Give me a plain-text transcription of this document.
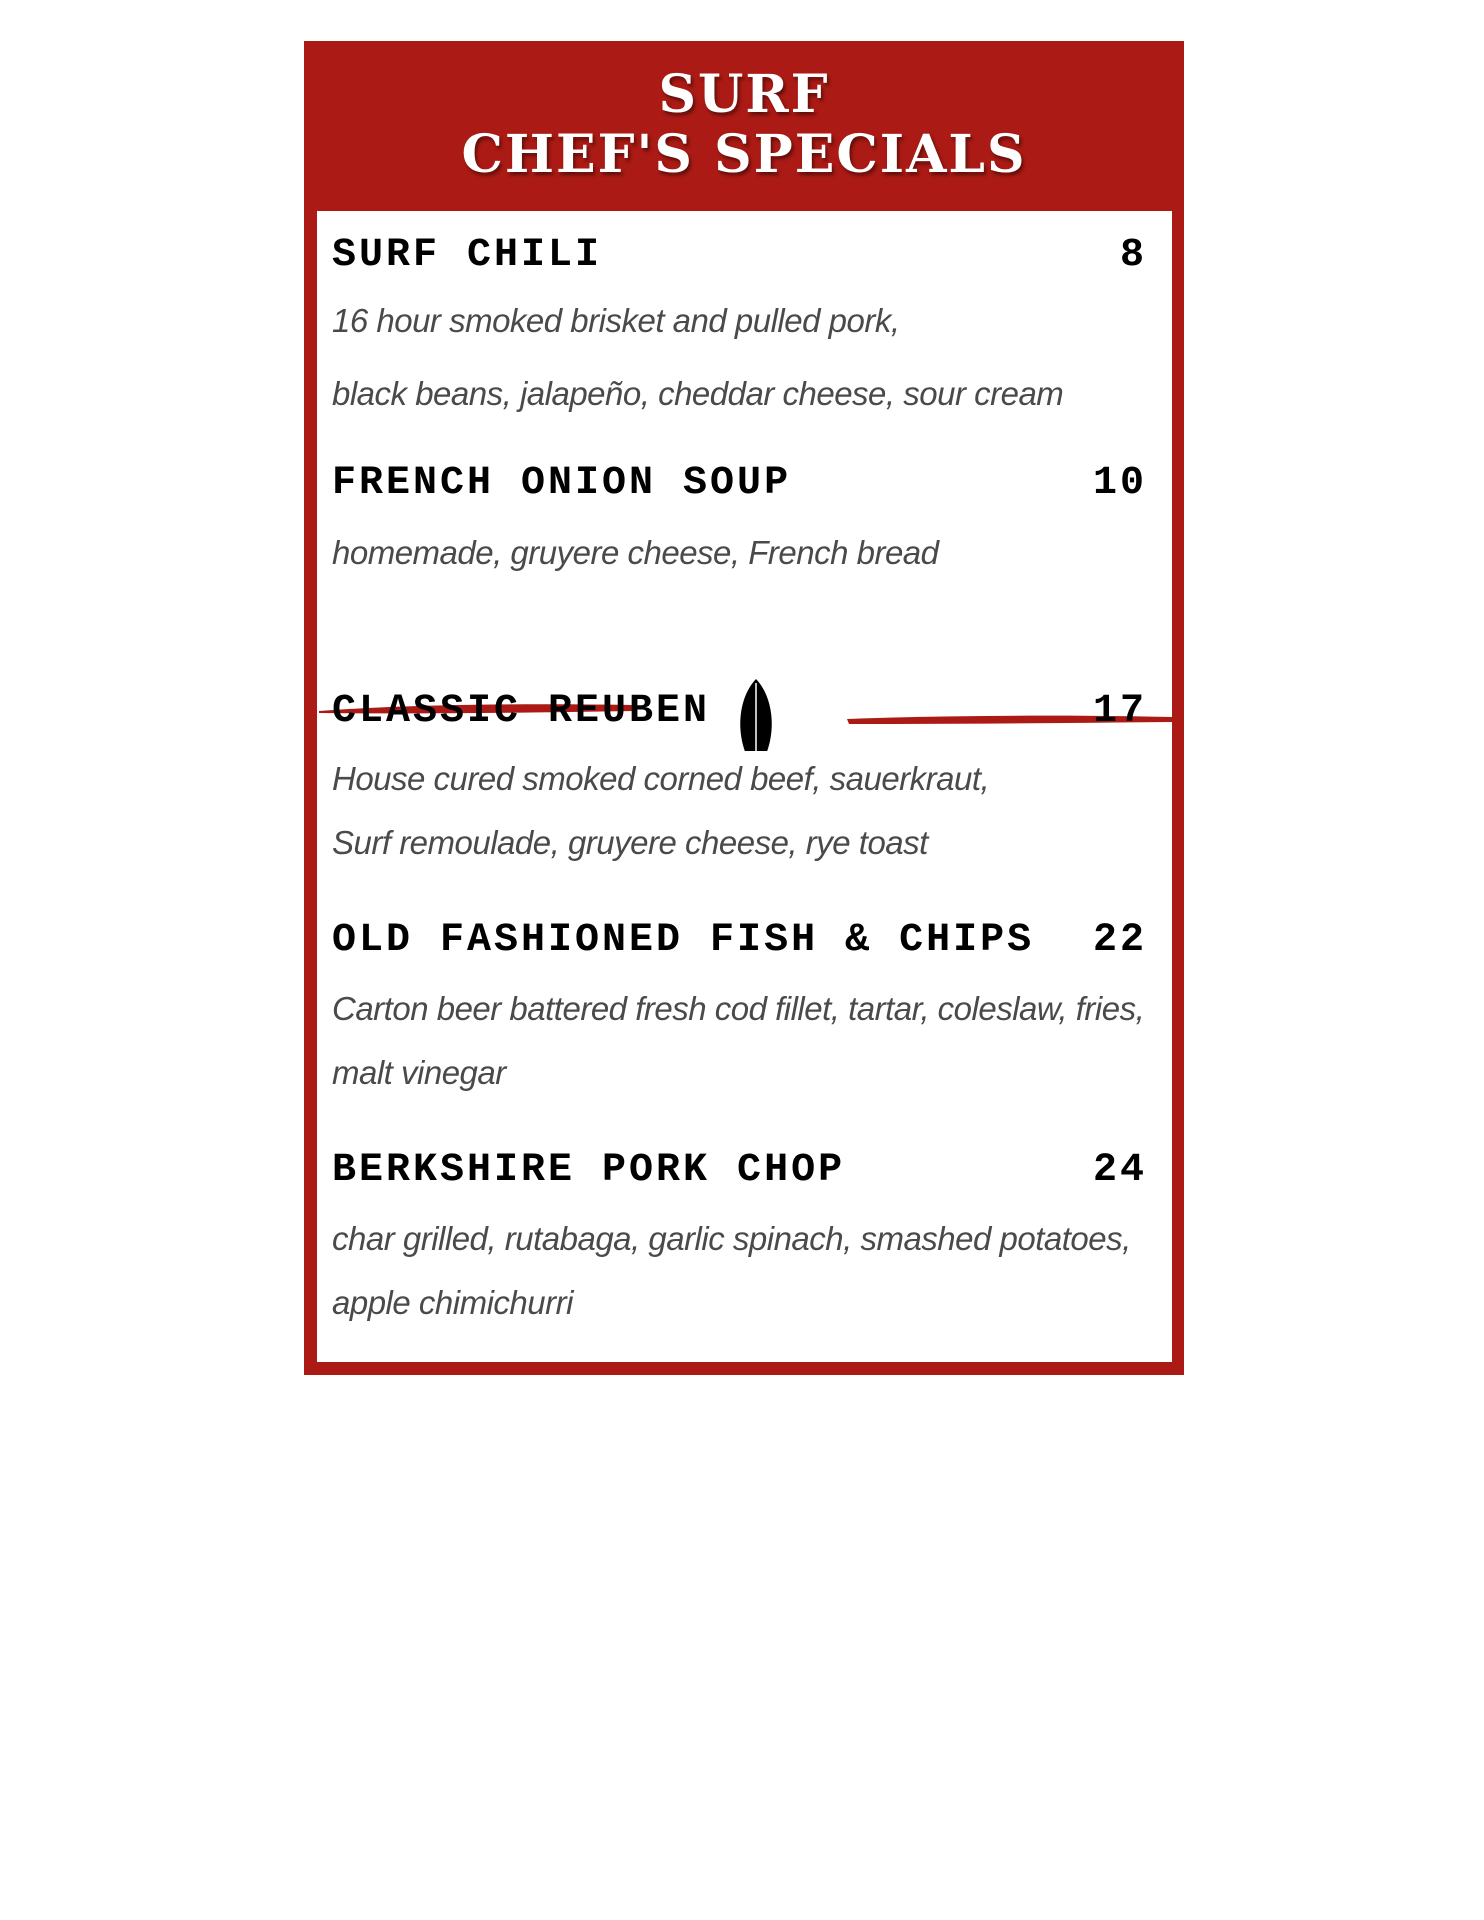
SURF
CHEF'S SPECIALS
SURF CHILI	8
16 hour smoked brisket and pulled pork,
black beans, jalapeño, cheddar cheese, sour cream
FRENCH ONION SOUP	10
homemade, gruyere cheese, French bread
CLASSIC REUBEN	17
House cured smoked corned beef, sauerkraut,
Surf remoulade, gruyere cheese, rye toast
OLD FASHIONED FISH & CHIPS 22
Carton beer battered fresh cod fillet, tartar, coleslaw, fries,
malt vinegar
BERKSHIRE PORK CHOP	24
char grilled, rutabaga, garlic spinach, smashed potatoes,
apple chimichurri
